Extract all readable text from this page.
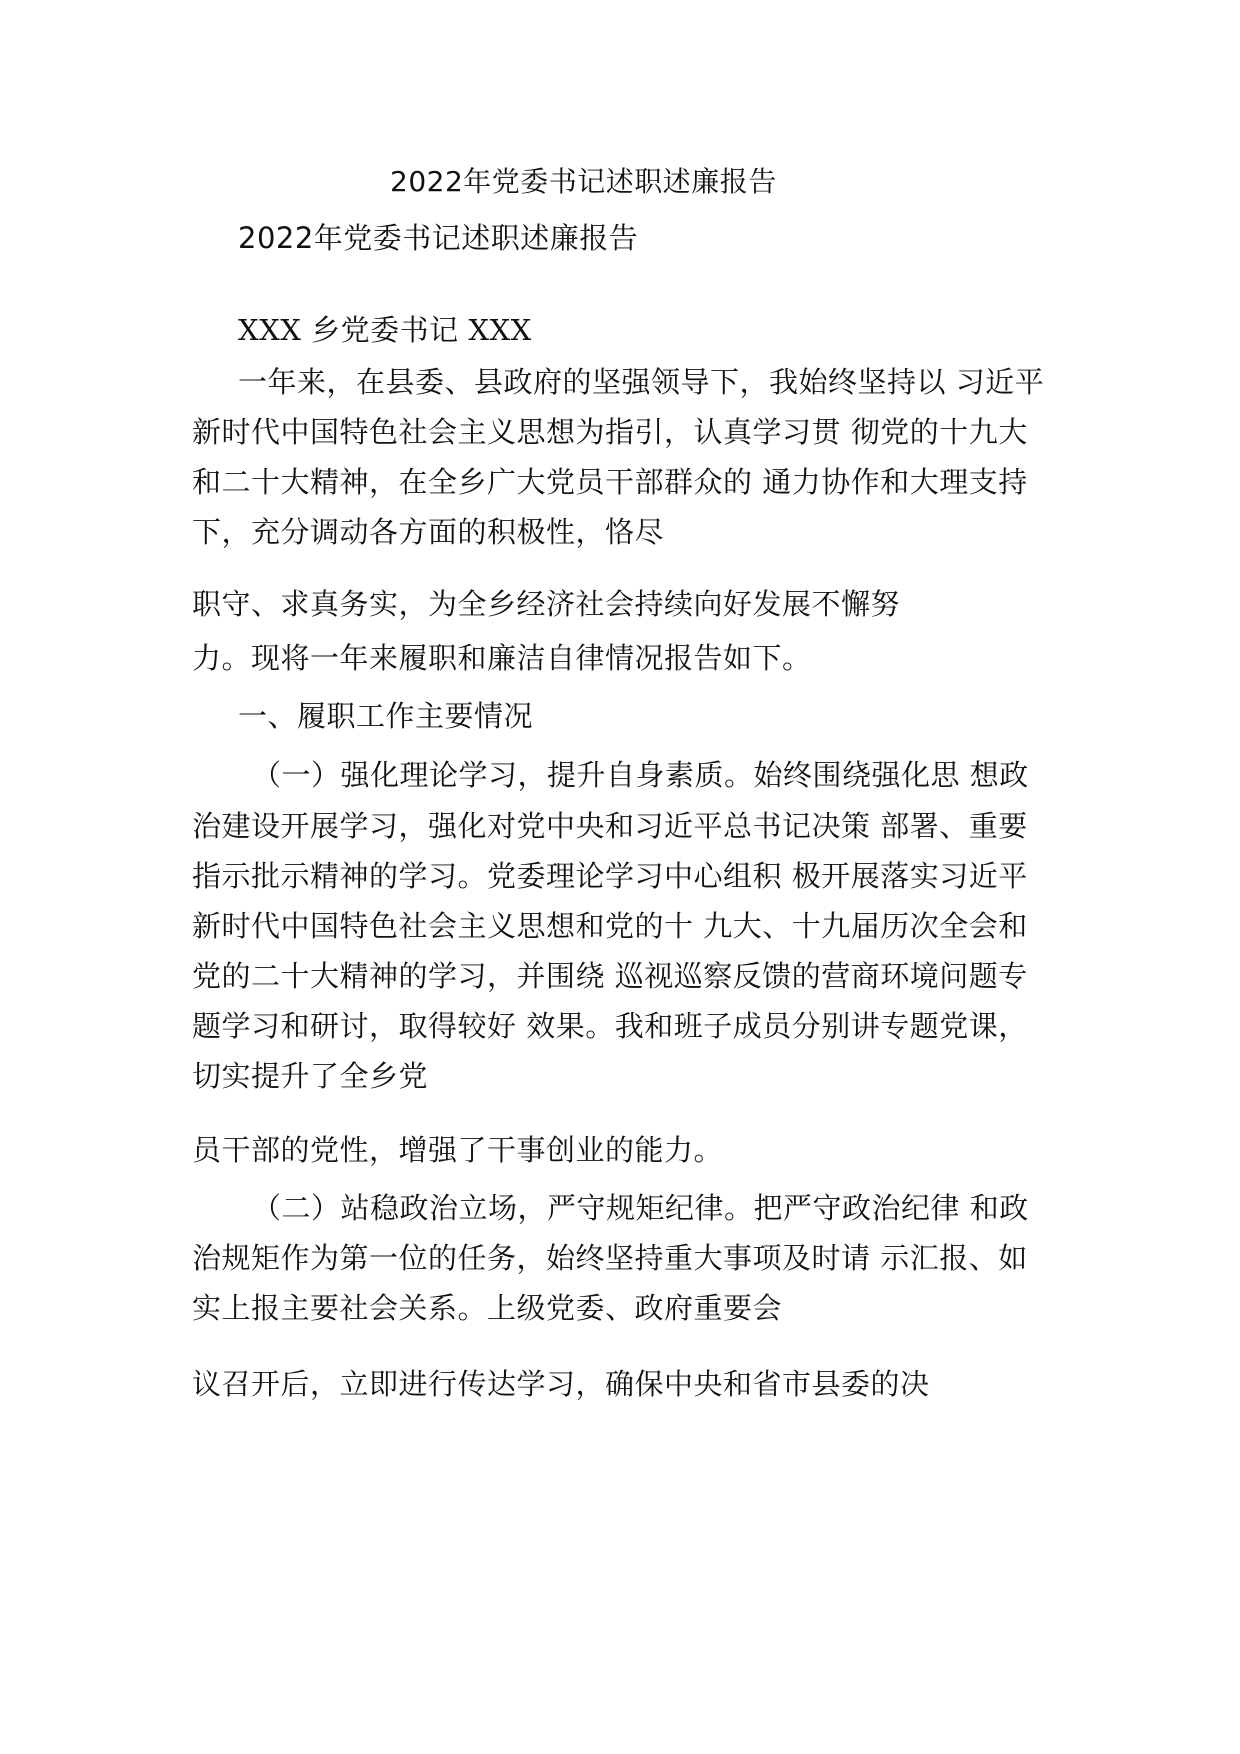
2022年党委书记述职述廉报告
2022年党委书记述职述廉报告
XXX 乡党委书记 XXX
一年来，在县委、县政府的坚强领导下，我始终坚持以 习近平
新时代中国特色社会主义思想为指引，认真学习贯 彻党的十九大
和二十大精神，在全乡广大党员干部群众的 通力协作和大理支持
下，充分调动各方面的积极性，恪尽
职守、求真务实，为全乡经济社会持续向好发展不懈努
力。现将一年来履职和廉洁自律情况报告如下。
一、履职工作主要情况
（一）强化理论学习，提升自身素质。始终围绕强化思 想政
治建设开展学习，强化对党中央和习近平总书记决策 部署、重要
指示批示精神的学习。党委理论学习中心组积 极开展落实习近平
新时代中国特色社会主义思想和党的十 九大、十九届历次全会和
党的二十大精神的学习，并围绕 巡视巡察反馈的营商环境问题专
题学习和研讨，取得较好 效果。我和班子成员分别讲专题党课，
切实提升了全乡党
员干部的党性，增强了干事创业的能力。
（二）站稳政治立场，严守规矩纪律。把严守政治纪律 和政
治规矩作为第一位的任务，始终坚持重大事项及时请 示汇报、如
实上报主要社会关系。上级党委、政府重要会
议召开后，立即进行传达学习，确保中央和省市县委的决
